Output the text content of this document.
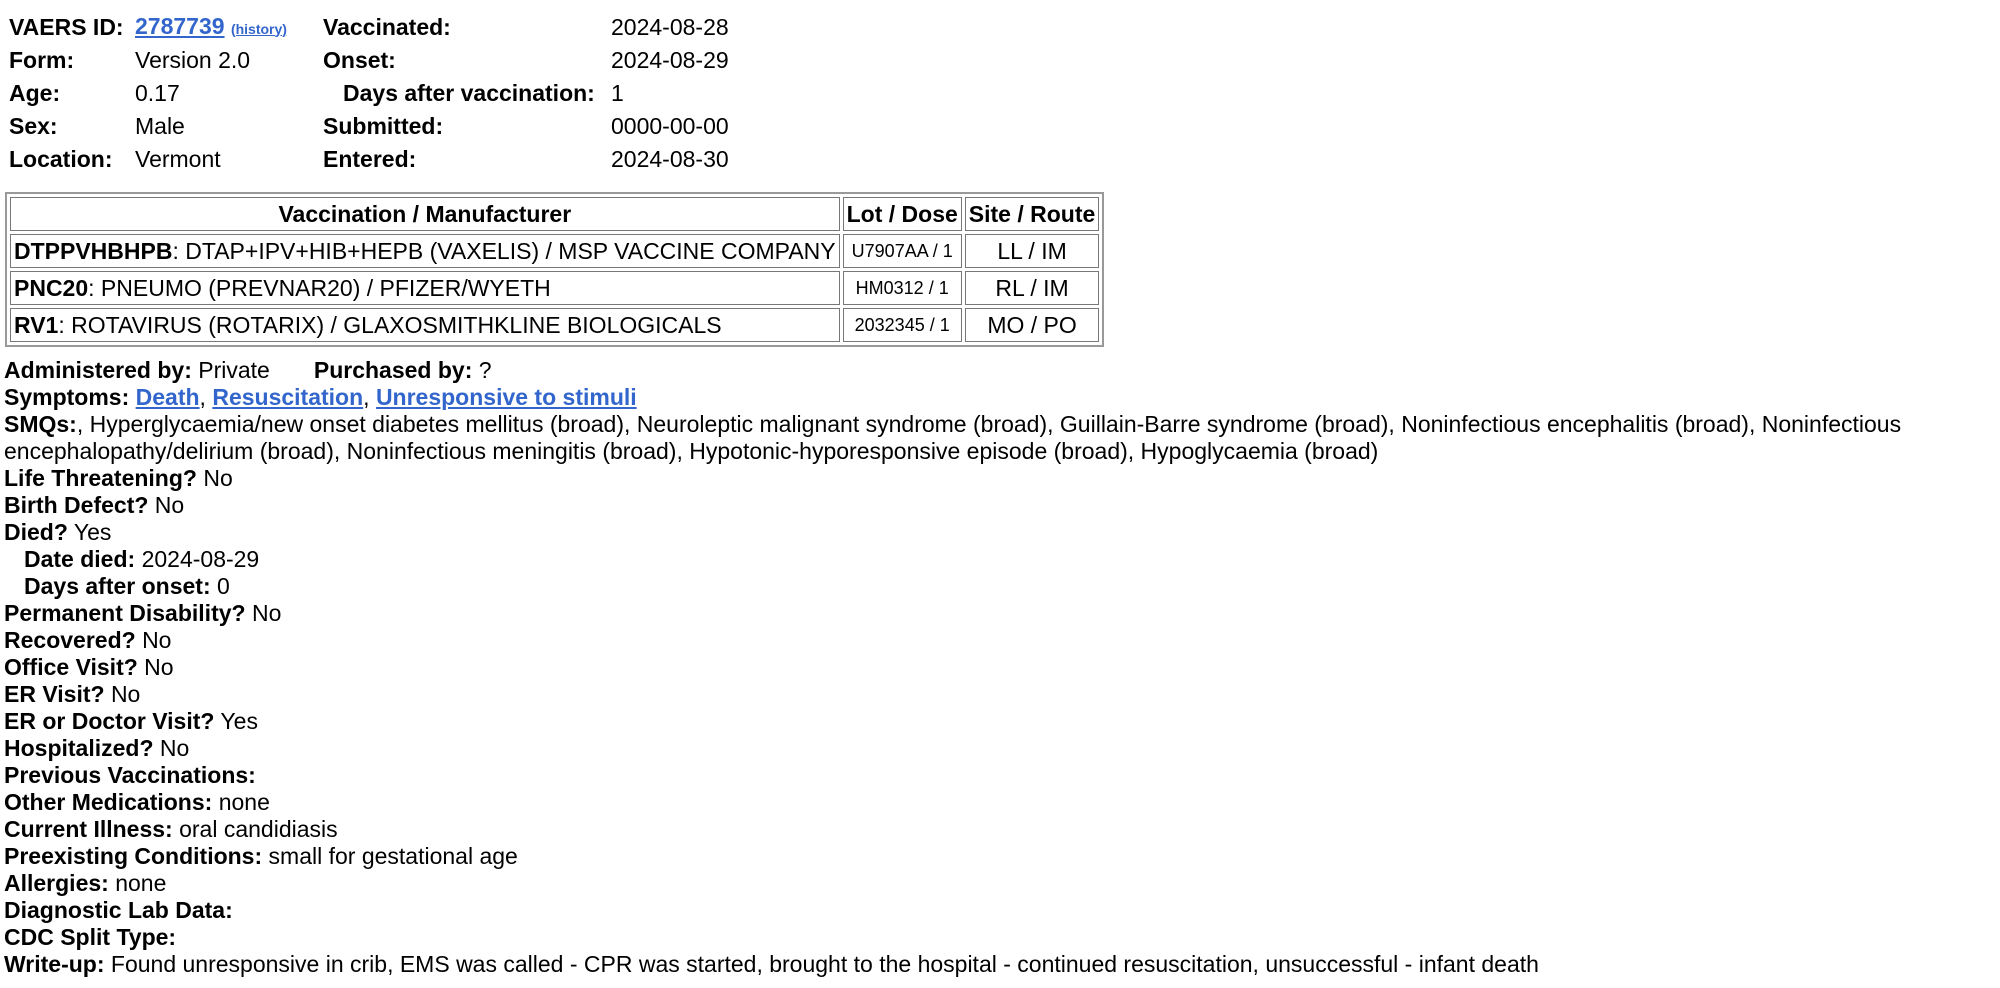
VAERS ID:	2787739 (history)	Vaccinated:	2024-08-28
Form:	Version 2.0	Onset:	2024-08-29
Age:	0.17	Days after vaccination:	1
Sex:	Male	Submitted:	0000-00-00
Location:	Vermont	Entered:	2024-08-30
Vaccination / Manufacturer	Lot / Dose	Site / Route
DTPPVHBHPB: DTAP+IPV+HIB+HEPB (VAXELIS) / MSP VACCINE COMPANY	U7907AA / 1	LL / IM
PNC20: PNEUMO (PREVNAR20) / PFIZER/WYETH	HM0312 / 1	RL / IM
RV1: ROTAVIRUS (ROTARIX) / GLAXOSMITHKLINE BIOLOGICALS	2032345 / 1	MO / PO
Administered by: Private Purchased by: ?
Symptoms: Death, Resuscitation, Unresponsive to stimuli
SMQs:, Hyperglycaemia/new onset diabetes mellitus (broad), Neuroleptic malignant syndrome (broad), Guillain-Barre syndrome (broad), Noninfectious encephalitis (broad), Noninfectious encephalopathy/delirium (broad), Noninfectious meningitis (broad), Hypotonic-hyporesponsive episode (broad), Hypoglycaemia (broad)
Life Threatening? No
Birth Defect? No
Died? Yes
Date died: 2024-08-29
Days after onset: 0
Permanent Disability? No
Recovered? No
Office Visit? No
ER Visit? No
ER or Doctor Visit? Yes
Hospitalized? No
Previous Vaccinations:
Other Medications: none
Current Illness: oral candidiasis
Preexisting Conditions: small for gestational age
Allergies: none
Diagnostic Lab Data:
CDC Split Type:
Write-up: Found unresponsive in crib, EMS was called - CPR was started, brought to the hospital - continued resuscitation, unsuccessful - infant death
